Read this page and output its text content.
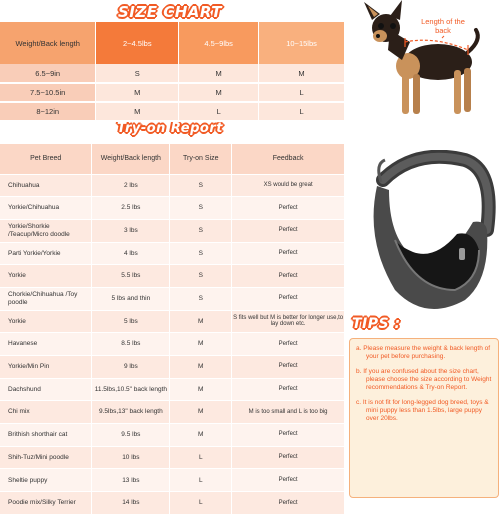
SIZE CHART
Try-on Report
Weight/Back length	2~4.5lbs	4.5~9lbs	10~15lbs
6.5~9in	S	M	M
7.5~10.5in	M	M	L
8~12in	M	L	L
Pet Breed	Weight/Back length	Try-on Size	Feedback
Chihuahua	2 lbs	S	XS would be great
Yorkie/Chihuahua	2.5 lbs	S	Perfect
Yorkie/Shorkie /Teacup/Micro doodle	3 lbs	S	Perfect
Parti Yorkie/Yorkie	4 lbs	S	Perfect
Yorkie	5.5 lbs	S	Perfect
Chorkie/Chihuahua /Toy poodle	5 lbs and thin	S	Perfect
Yorkie	5 lbs	M	S fits well but M is better for longer use,to lay down etc.
Havanese	8.5 lbs	M	Perfect
Yorkie/Min Pin	9 lbs	M	Perfect
Dachshund	11.5lbs,10.5" back length	M	Perfect
Chi mix	9.5lbs,13" back length	M	M is too small and L is too big
Brithish shorthair cat	9.5 lbs	M	Perfect
Shih-Tuz/Mini poodle	10 lbs	L	Perfect
Sheltie puppy	13 lbs	L	Perfect
Poodie mix/Silky Terrier	14 lbs	L	Perfect
Length of the back
TIPS :

a. Please measure the weight & back length of your pet before purchasing.

b. If you are confused about the size chart, please choose the size according to Weight recommendations & Try-on Report.

c. It is not fit for long-legged dog breed, toys & mini puppy less than 1.5lbs, large puppy over 20lbs.
